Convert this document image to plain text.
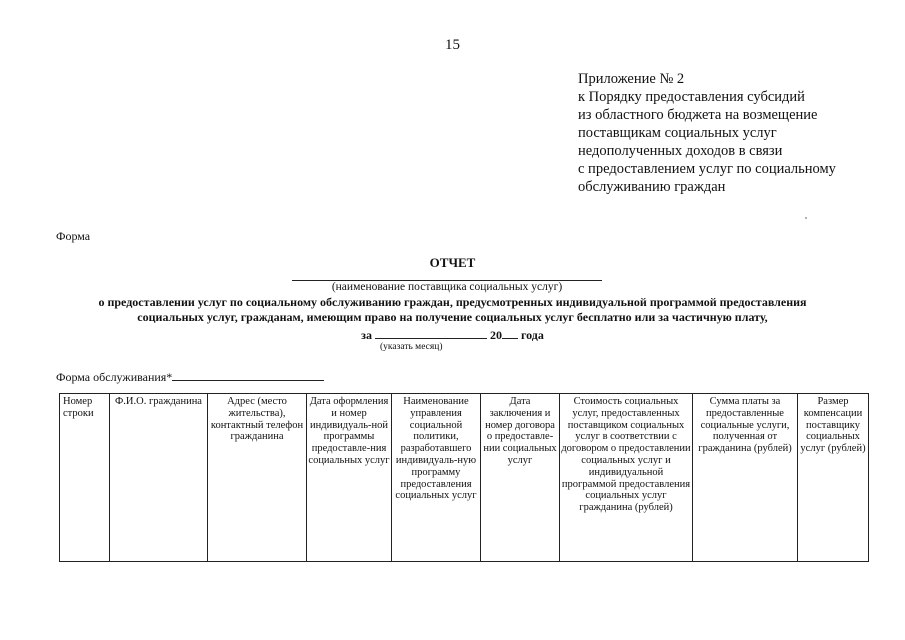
15
Приложение № 2
к Порядку предоставления субсидий
из областного бюджета на возмещение
поставщикам социальных услуг
недополученных доходов в связи
с предоставлением услуг по социальному
обслуживанию граждан
Форма
ОТЧЕТ
(наименование поставщика социальных услуг)
о предоставлении услуг по социальному обслуживанию граждан, предусмотренных индивидуальной программой предоставления
социальных услуг, гражданам, имеющим право на получение социальных услуг бесплатно или за частичную плату,
за	20 года
(указать месяц)
Форма обслуживания*
Номер строки	Ф.И.О. гражданина	Адрес (место жительства), контактный телефон гражданина	Дата оформления и номер индивидуаль-ной программы предоставле-ния социальных услуг	Наименование управления социальной политики, разработавшего индивидуаль-ную программу предоставления социальных услуг	Дата заключения и номер договора о предоставле-нии социальных услуг	Стоимость социальных услуг, предоставленных поставщиком социальных услуг в соответствии с договором о предоставлении социальных услуг и индивидуальной программой предоставления социальных услуг гражданина (рублей)	Сумма платы за предоставленные социальные услуги, полученная от гражданина (рублей)	Размер компенсации поставщику социальных услуг (рублей)
